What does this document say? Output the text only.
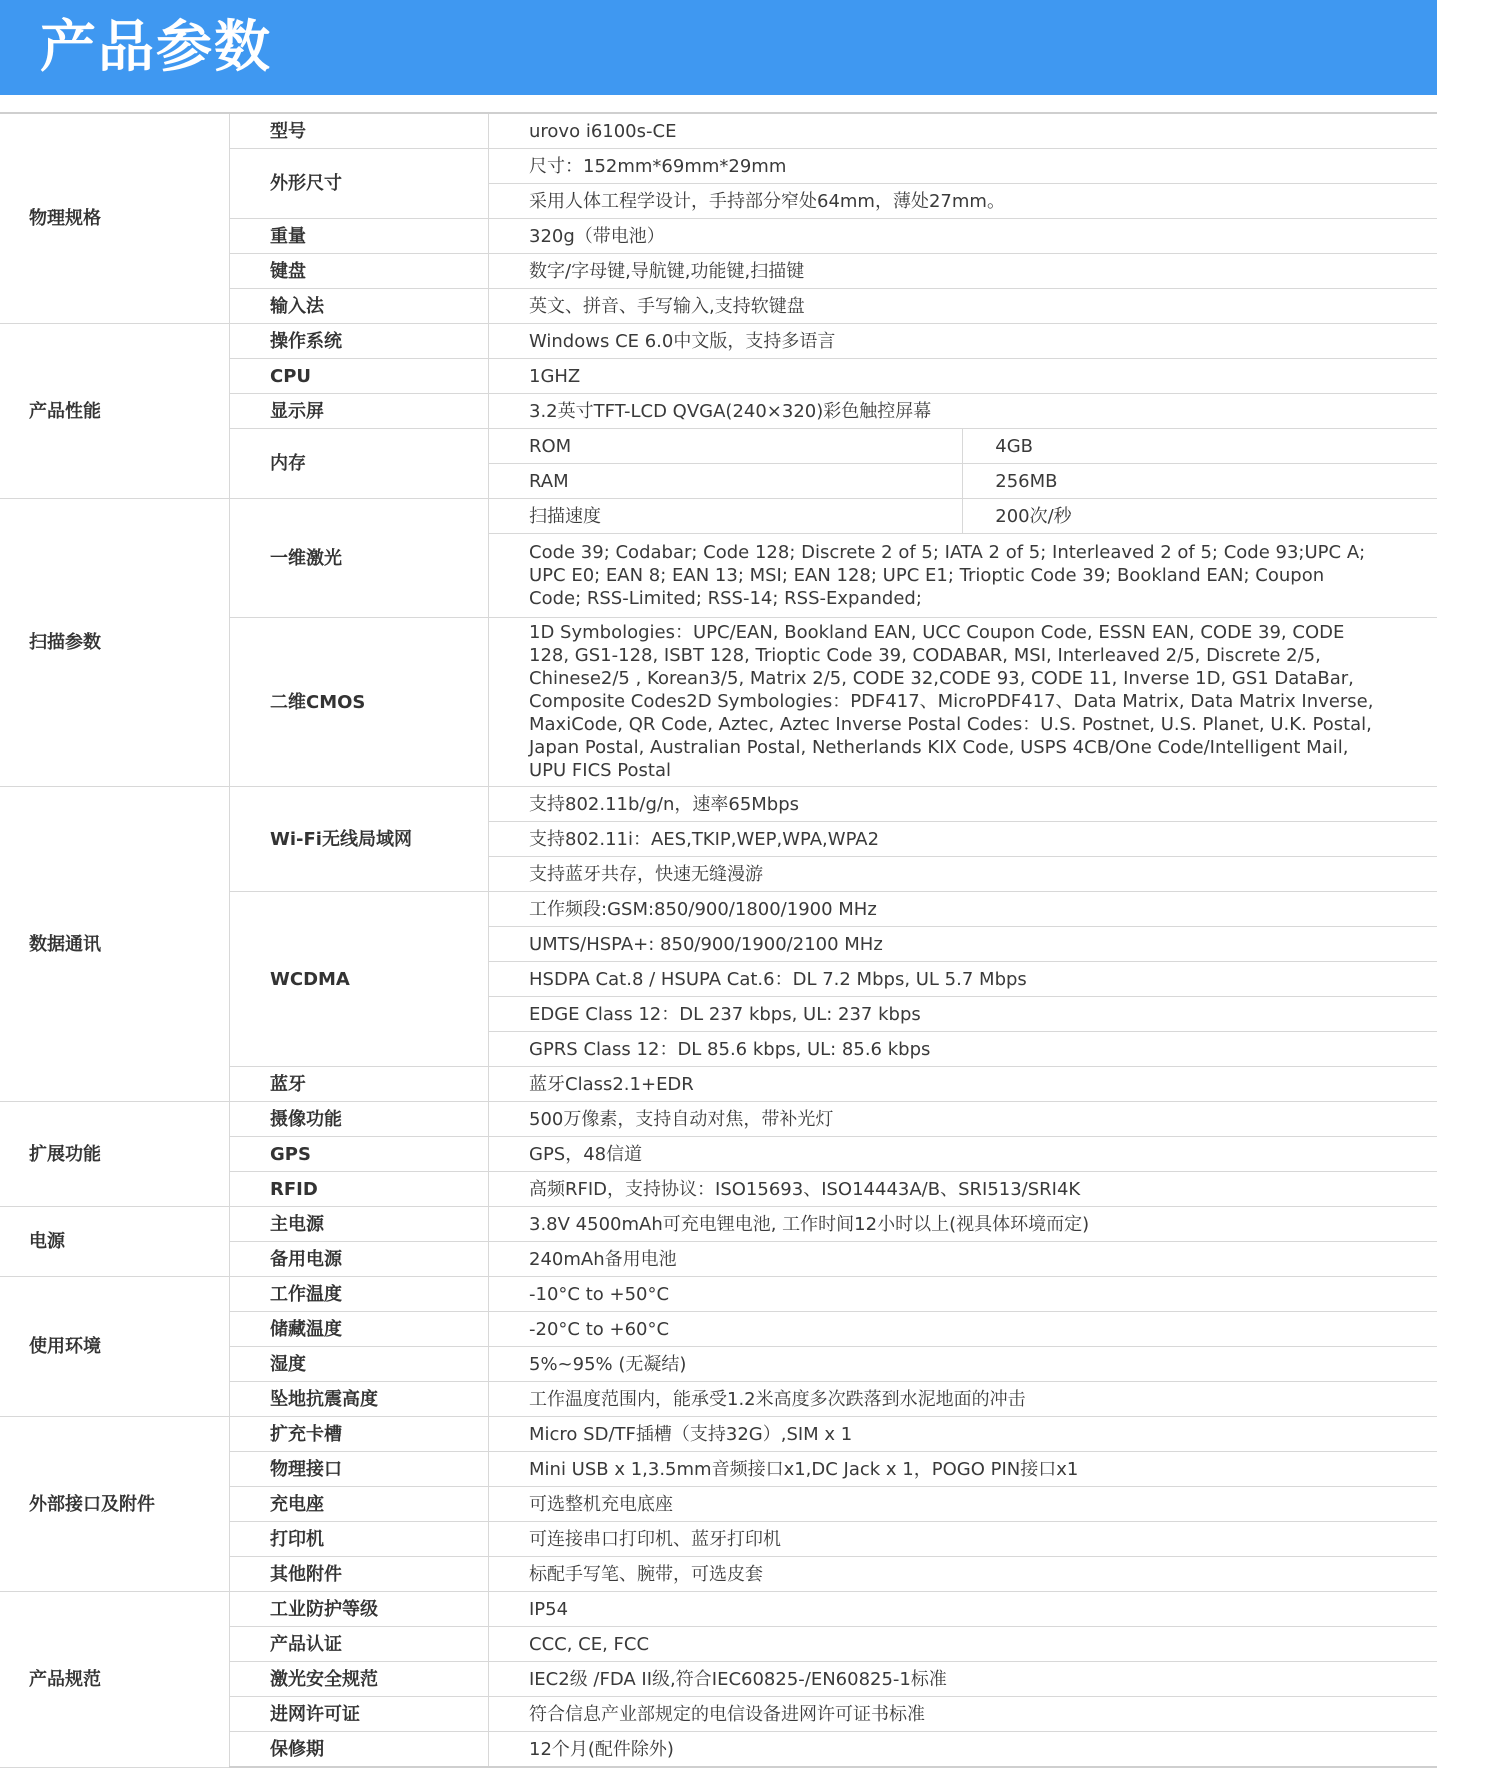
产品参数
物理规格	型号	urovo i6100s-CE	
	外形尺寸	尺寸：152mm*69mm*29mm	
		采用人体工程学设计，手持部分窄处64mm，薄处27mm。	
	重量	320g（带电池）	
	键盘	数字/字母键,导航键,功能键,扫描键	
	输入法	英文、拼音、手写输入,支持软键盘	
产品性能	操作系统	Windows CE 6.0中文版，支持多语言	
	CPU	1GHZ	
	显示屏	3.2英寸TFT-LCD QVGA(240×320)彩色触控屏幕	
	内存	ROM	4GB
		RAM	256MB
扫描参数	一维激光	扫描速度	200次/秒
		Code 39; Codabar; Code 128; Discrete 2 of 5; IATA 2 of 5; Interleaved 2 of 5; Code 93;UPC A; UPC E0; EAN 8; EAN 13; MSI; EAN 128; UPC E1; Trioptic Code 39; Bookland EAN; Coupon Code; RSS-Limited; RSS-14; RSS-Expanded;	
	二维CMOS	1D Symbologies：UPC/EAN, Bookland EAN, UCC Coupon Code, ESSN EAN, CODE 39, CODE 128, GS1-128, ISBT 128, Trioptic Code 39, CODABAR, MSI, Interleaved 2/5, Discrete 2/5, Chinese2/5 , Korean3/5, Matrix 2/5, CODE 32,CODE 93, CODE 11, Inverse 1D, GS1 DataBar, Composite Codes2D Symbologies：PDF417、MicroPDF417、Data Matrix, Data Matrix Inverse, MaxiCode, QR Code, Aztec, Aztec Inverse Postal Codes：U.S. Postnet, U.S. Planet, U.K. Postal, Japan Postal, Australian Postal, Netherlands KIX Code, USPS 4CB/One Code/Intelligent Mail, UPU FICS Postal	
数据通讯	Wi-Fi无线局域网	支持802.11b/g/n，速率65Mbps	
		支持802.11i：AES,TKIP,WEP,WPA,WPA2	
		支持蓝牙共存，快速无缝漫游	
	WCDMA	工作频段:GSM:850/900/1800/1900 MHz	
		UMTS/HSPA+: 850/900/1900/2100 MHz	
		HSDPA Cat.8 / HSUPA Cat.6：DL 7.2 Mbps, UL 5.7 Mbps	
		EDGE Class 12：DL 237 kbps, UL: 237 kbps	
		GPRS Class 12：DL 85.6 kbps, UL: 85.6 kbps	
	蓝牙	蓝牙Class2.1+EDR	
扩展功能	摄像功能	500万像素，支持自动对焦，带补光灯	
	GPS	GPS，48信道	
	RFID	高频RFID，支持协议：ISO15693、ISO14443A/B、SRI513/SRI4K	
电源	主电源	3.8V 4500mAh可充电锂电池, 工作时间12小时以上(视具体环境而定)	
	备用电源	240mAh备用电池	
使用环境	工作温度	-10°C to +50°C	
	储藏温度	-20°C to +60°C	
	湿度	5%~95% (无凝结)	
	坠地抗震高度	工作温度范围内，能承受1.2米高度多次跌落到水泥地面的冲击	
外部接口及附件	扩充卡槽	Micro SD/TF插槽（支持32G）,SIM x 1	
	物理接口	Mini USB x 1,3.5mm音频接口x1,DC Jack x 1，POGO PIN接口x1	
	充电座	可选整机充电底座	
	打印机	可连接串口打印机、蓝牙打印机	
	其他附件	标配手写笔、腕带，可选皮套	
产品规范	工业防护等级	IP54	
	产品认证	CCC, CE, FCC	
	激光安全规范	IEC2级 /FDA II级,符合IEC60825-/EN60825-1标准	
	进网许可证	符合信息产业部规定的电信设备进网许可证书标准	
	保修期	12个月(配件除外)	
